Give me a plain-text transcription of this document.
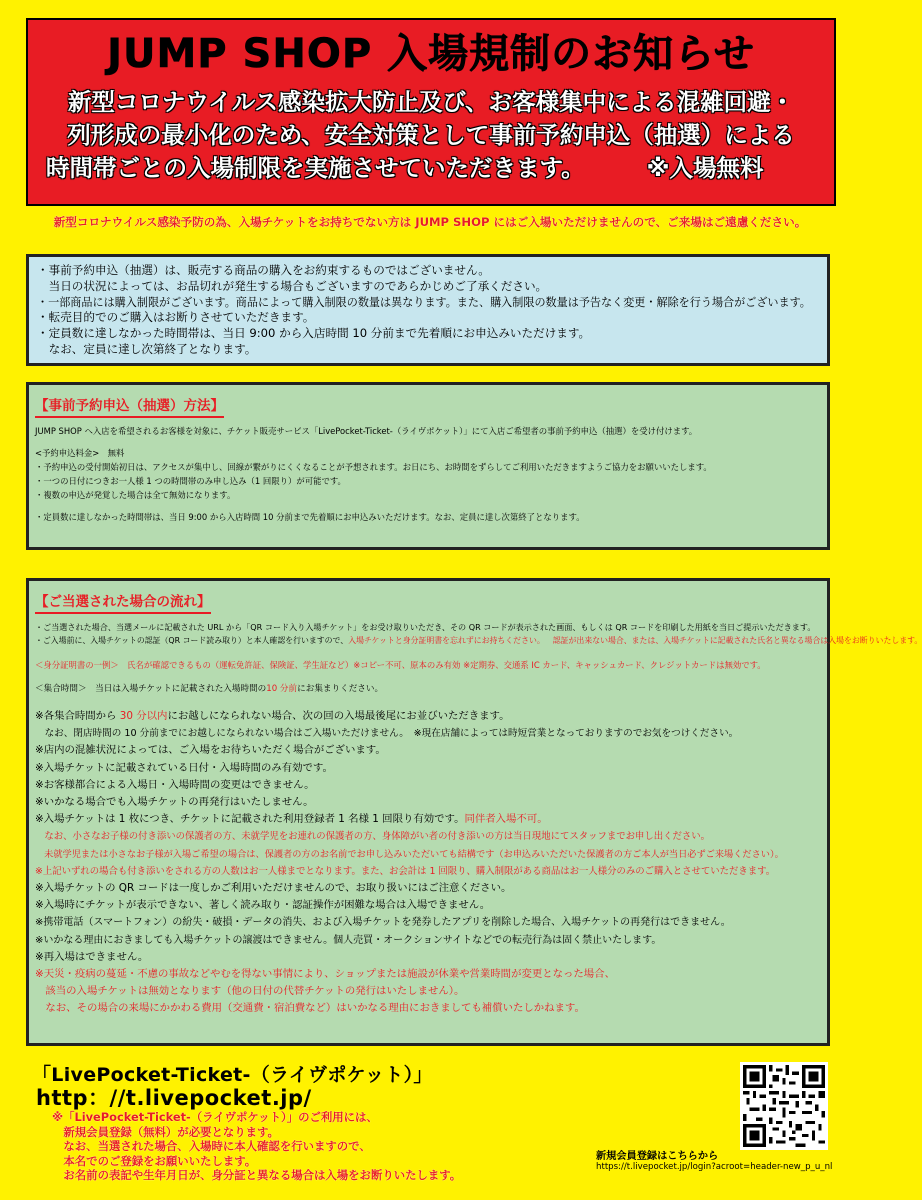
JUMP SHOP 入場規制のお知らせ
新型コロナウイルス感染拡大防止及び、お客様集中による混雑回避・
列形成の最小化のため、安全対策として事前予約申込（抽選）による
時間帯ごとの入場制限を実施させていただきます。	※入場無料
新型コロナウイルス感染予防の為、入場チケットをお持ちでない方は JUMP SHOP にはご入場いただけませんので、ご来場はご遠慮ください。
・事前予約申込（抽選）は、販売する商品の購入をお約束するものではございません。
　当日の状況によっては、お品切れが発生する場合もございますのであらかじめご了承ください。
・一部商品には購入制限がございます。商品によって購入制限の数量は異なります。また、購入制限の数量は予告なく変更・解除を行う場合がございます。
・転売目的でのご購入はお断りさせていただきます。
・定員数に達しなかった時間帯は、当日 9:00 から入店時間 10 分前まで先着順にお申込みいただけます。
　なお、定員に達し次第終了となります。
【事前予約申込（抽選）方法】
JUMP SHOP へ入店を希望されるお客様を対象に、チケット販売サービス「LivePocket-Ticket-（ライヴポケット）」にて入店ご希望者の事前予約申込（抽選）を受け付けます。
<予約申込料金>　無料
・予約申込の受付開始初日は、アクセスが集中し、回線が繋がりにくくなることが予想されます。お日にち、お時間をずらしてご利用いただきますようご協力をお願いいたします。
・一つの日付につきお一人様 1 つの時間帯のみ申し込み（1 回限り）が可能です。
・複数の申込が発覚した場合は全て無効になります。
・定員数に達しなかった時間帯は、当日 9:00 から入店時間 10 分前まで先着順にお申込みいただけます。なお、定員に達し次第終了となります。
【ご当選された場合の流れ】
・ご当選された場合、当選メールに記載された URL から「QR コード入り入場チケット」をお受け取りいただき、その QR コードが表示された画面、もしくは QR コードを印刷した用紙を当日ご提示いただきます。
・ご入場前に、入場チケットの認証（QR コード読み取り）と本人確認を行いますので、入場チケットと身分証明書を忘れずにお持ちください。 認証が出来ない場合、または、入場チケットに記載された氏名と異なる場合は入場をお断りいたします。
＜身分証明書の一例＞　氏名が確認できるもの（運転免許証、保険証、学生証など）※コピー不可、原本のみ有効 ※定期券、交通系 IC カード、キャッシュカード、クレジットカードは無効です。
＜集合時間＞　当日は入場チケットに記載された入場時間の10 分前にお集まりください。
※各集合時間から 30 分以内にお越しになられない場合、次の回の入場最後尾にお並びいただきます。
　なお、閉店時間の 10 分前までにお越しになられない場合はご入場いただけません。　※現在店舗によっては時短営業となっておりますのでお気をつけください。
※店内の混雑状況によっては、ご入場をお待ちいただく場合がございます。
※入場チケットに記載されている日付・入場時間のみ有効です。
※お客様都合による入場日・入場時間の変更はできません。
※いかなる場合でも入場チケットの再発行はいたしません。
※入場チケットは 1 枚につき、チケットに記載された利用登録者 1 名様 1 回限り有効です。同伴者入場不可。
　なお、小さなお子様の付き添いの保護者の方、未就学児をお連れの保護者の方、身体障がい者の付き添いの方は当日現地にてスタッフまでお申し出ください。
　未就学児または小さなお子様が入場ご希望の場合は、保護者の方のお名前でお申し込みいただいても結構です（お申込みいただいた保護者の方ご本人が当日必ずご来場ください）。
※上記いずれの場合も付き添いをされる方の人数はお一人様までとなります。また、お会計は 1 回限り、購入制限がある商品はお一人様分のみのご購入とさせていただきます。
※入場チケットの QR コードは一度しかご利用いただけませんので、お取り扱いにはご注意ください。
※入場時にチケットが表示できない、著しく読み取り・認証操作が困難な場合は入場できません。
※携帯電話（スマートフォン）の紛失・破損・データの消失、および入場チケットを発券したアプリを削除した場合、入場チケットの再発行はできません。
※いかなる理由におきましても入場チケットの譲渡はできません。個人売買・オークションサイトなどでの転売行為は固く禁止いたします。
※再入場はできません。
※天災・疫病の蔓延・不慮の事故などやむを得ない事情により、ショップまたは施設が休業や営業時間が変更となった場合、
　該当の入場チケットは無効となります（他の日付の代替チケットの発行はいたしません）。
　なお、その場合の来場にかかわる費用（交通費・宿泊費など）はいかなる理由におきましても補償いたしかねます。
「LivePocket-Ticket-（ライヴポケット）」
http：//t.livepocket.jp/
※「LivePocket-Ticket-（ライヴポケット）」のご利用には、
　新規会員登録（無料）が必要となります。
　なお、当選された場合、入場時に本人確認を行いますので、
　本名でのご登録をお願いいたします。
　お名前の表記や生年月日が、身分証と異なる場合は入場をお断りいたします。
新規会員登録はこちらから
https://t.livepocket.jp/login?acroot=header-new_p_u_nl
